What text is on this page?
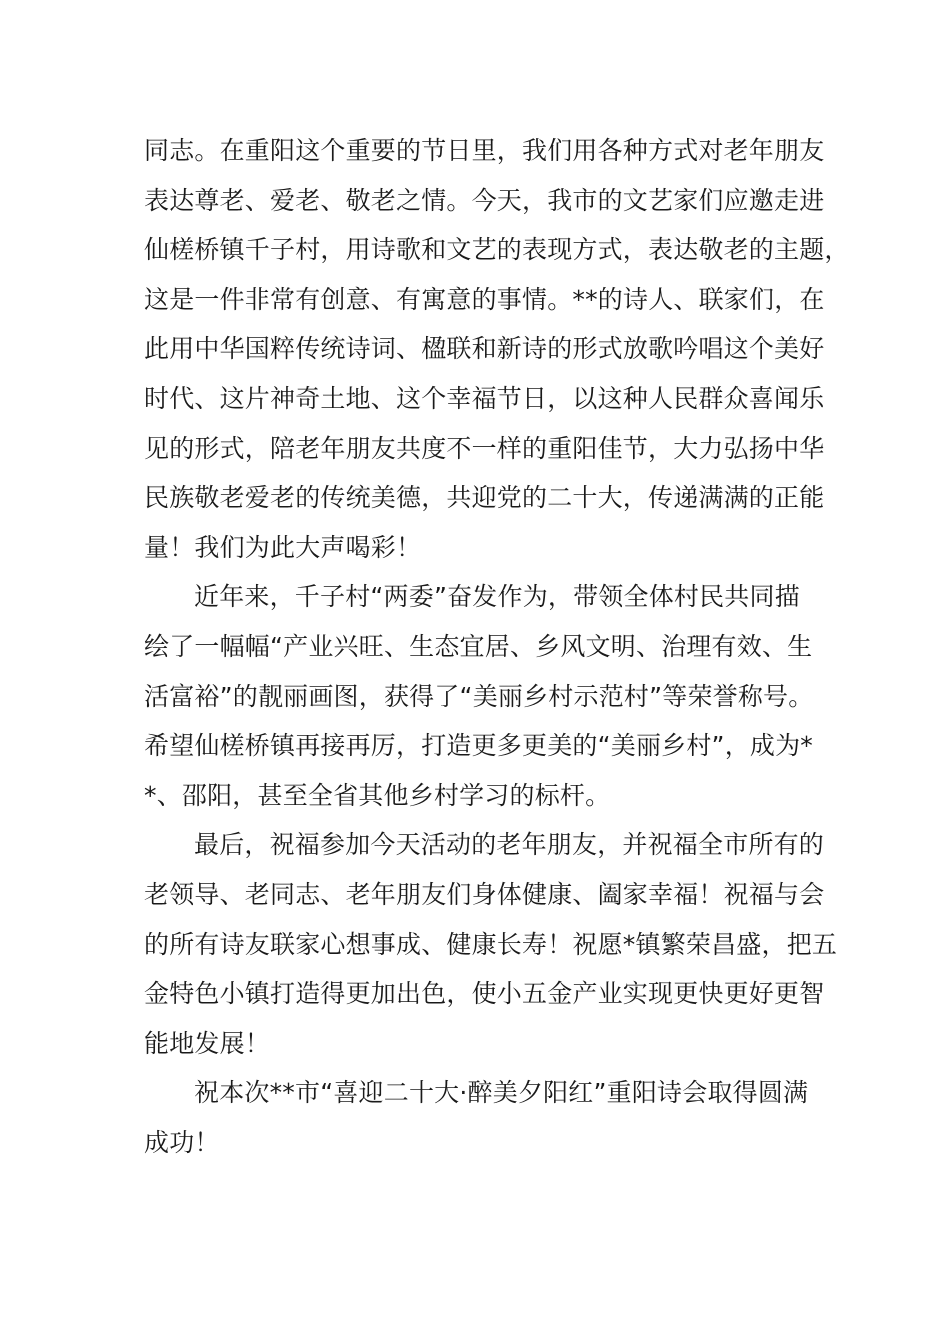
同志。在重阳这个重要的节日里，我们用各种方式对老年朋友
表达尊老、爱老、敬老之情。今天，我市的文艺家们应邀走进
仙槎桥镇千子村，用诗歌和文艺的表现方式，表达敬老的主题，
这是一件非常有创意、有寓意的事情。**的诗人、联家们，在
此用中华国粹传统诗词、楹联和新诗的形式放歌吟唱这个美好
时代、这片神奇土地、这个幸福节日，以这种人民群众喜闻乐
见的形式，陪老年朋友共度不一样的重阳佳节，大力弘扬中华
民族敬老爱老的传统美德，共迎党的二十大，传递满满的正能
量！我们为此大声喝彩！

近年来，千子村“两委”奋发作为，带领全体村民共同描
绘了一幅幅“产业兴旺、生态宜居、乡风文明、治理有效、生
活富裕”的靓丽画图，获得了“美丽乡村示范村”等荣誉称号。
希望仙槎桥镇再接再厉，打造更多更美的“美丽乡村”，成为*
*、邵阳，甚至全省其他乡村学习的标杆。

最后，祝福参加今天活动的老年朋友，并祝福全市所有的
老领导、老同志、老年朋友们身体健康、阖家幸福！祝福与会
的所有诗友联家心想事成、健康长寿！祝愿*镇繁荣昌盛，把五
金特色小镇打造得更加出色，使小五金产业实现更快更好更智
能地发展！

祝本次**市“喜迎二十大·醉美夕阳红”重阳诗会取得圆满
成功！
